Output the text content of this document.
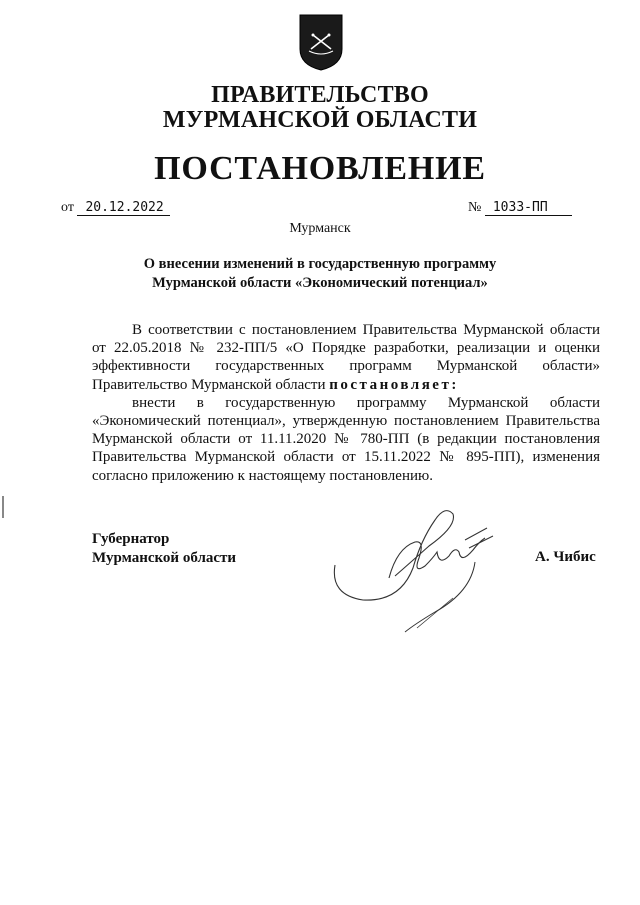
ПРАВИТЕЛЬСТВО
МУРМАНСКОЙ ОБЛАСТИ
ПОСТАНОВЛЕНИЕ
от 20.12.2022	№ 1033-ПП
Мурманск
О внесении изменений в государственную программу
Мурманской области «Экономический потенциал»

В соответствии с постановлением Правительства Мурманской области от 22.05.2018 № 232-ПП/5 «О Порядке разработки, реализации и оценки эффективности государственных программ Мурманской области» Правительство Мурманской области постановляет:

внести в государственную программу Мурманской области «Экономический потенциал», утвержденную постановлением Правительства Мурманской области от 11.11.2020 № 780-ПП (в редакции постановления Правительства Мурманской области от 15.11.2022 № 895-ПП), изменения согласно приложению к настоящему постановлению.

Губернатор
Мурманской области	А. Чибис
